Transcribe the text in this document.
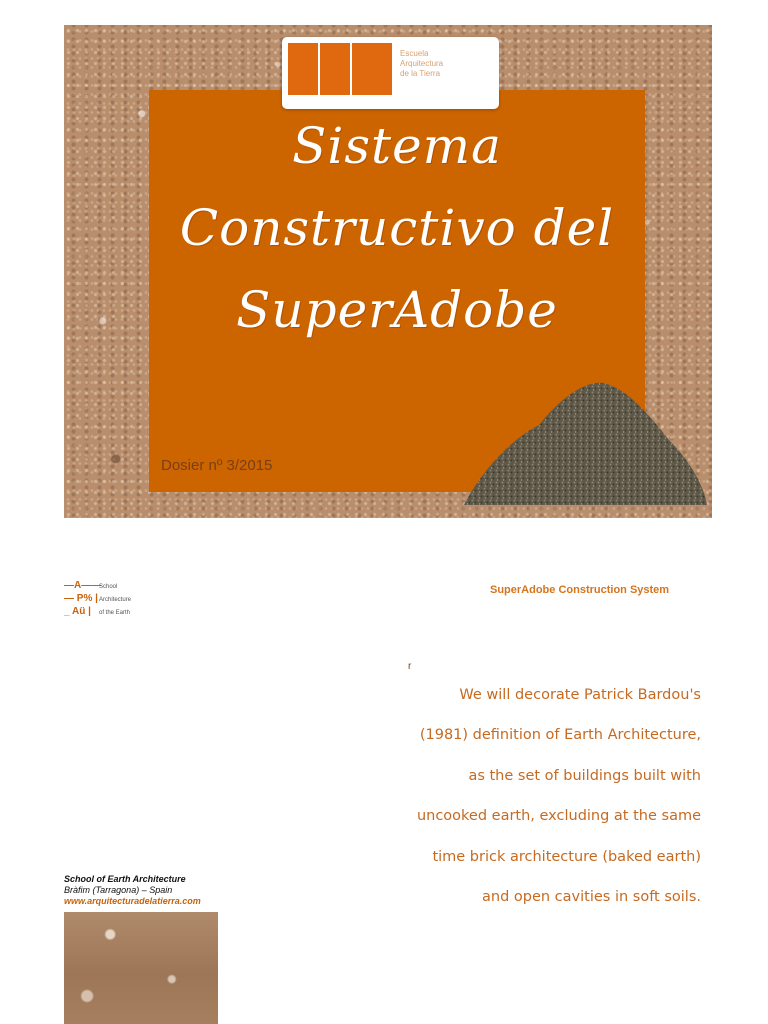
Escuela
Arquitectura
de la Tierra
Sistema
Constructivo del
SuperAdobe
Dosier nº 3/2015
—A——
School
— P% | Architecture
_ Aü |	of the Earth
SuperAdobe Construction System
r
We will decorate Patrick Bardou's
(1981) definition of Earth Architecture,
as the set of buildings built with
uncooked earth, excluding at the same
time brick architecture (baked earth)
and open cavities in soft soils.
School of Earth Architecture
Bràfim (Tarragona) – Spain
www.arquitecturadelatierra.com
